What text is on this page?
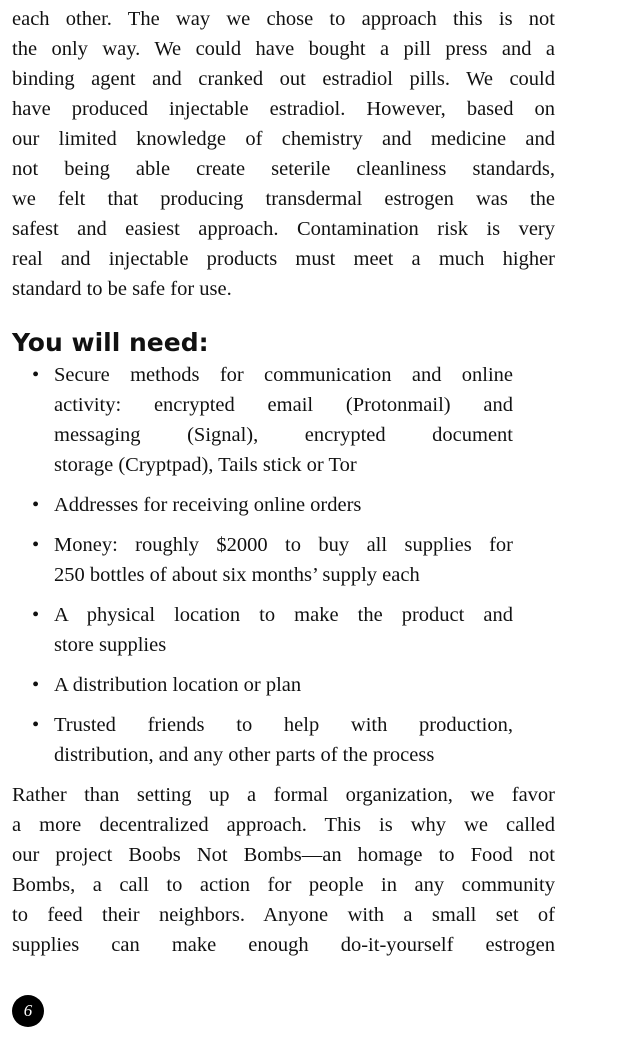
each other. The way we chose to approach this is not
the only way. We could have bought a pill press and a
binding agent and cranked out estradiol pills. We could
have produced injectable estradiol. However, based on
our limited knowledge of chemistry and medicine and
not being able create seterile cleanliness standards,
we felt that producing transdermal estrogen was the
safest and easiest approach. Contamination risk is very
real and injectable products must meet a much higher
standard to be safe for use.

You will need:
• Secure methods for communication and online
activity: encrypted email (Protonmail) and
messaging (Signal), encrypted document
storage (Cryptpad), Tails stick or Tor
• Addresses for receiving online orders
• Money: roughly $2000 to buy all supplies for
250 bottles of about six months’ supply each
• A physical location to make the product and
store supplies
• A distribution location or plan
• Trusted friends to help with production,
distribution, and any other parts of the process

Rather than setting up a formal organization, we favor
a more decentralized approach. This is why we called
our project Boobs Not Bombs—an homage to Food not
Bombs, a call to action for people in any community
to feed their neighbors. Anyone with a small set of
supplies can make enough do-it-yourself estrogen

6
